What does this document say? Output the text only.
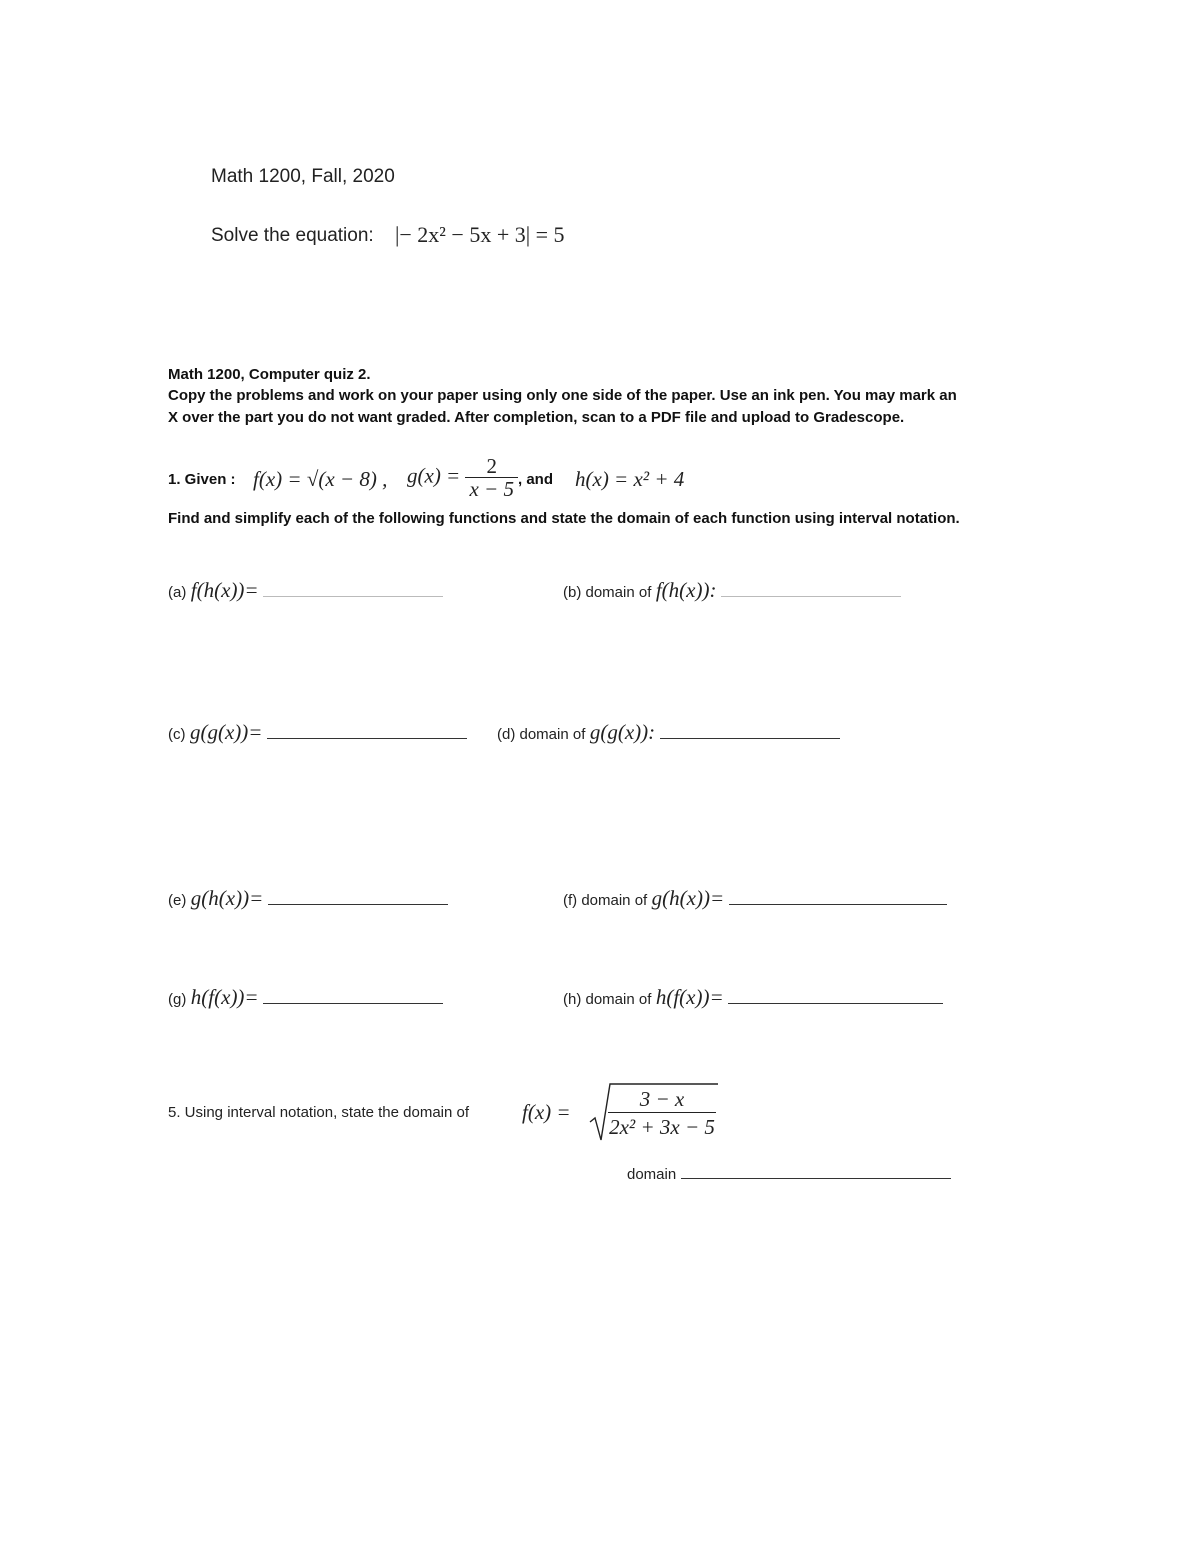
Math 1200, Fall, 2020
Solve the equation: |− 2x² − 5x + 3| = 5
Math 1200, Computer quiz 2.
Copy the problems and work on your paper using only one side of the paper. Use an ink pen. You may mark an
X over the part you do not want graded. After completion, scan to a PDF file and upload to Gradescope.
1. Given : f(x) = √(x − 8) , $g(x) = \frac{2}{x - 5}$ , and h(x) = x² + 4
Find and simplify each of the following functions and state the domain of each function using interval notation.
(a) f(h(x))=	(b) domain of f(h(x)):
(c) g(g(x))=	(d) domain of g(g(x)):
(e) g(h(x))=	(f) domain of g(h(x))=
(g) h(f(x))=	(h) domain of h(f(x))=
5. Using interval notation, state the domain of	$f(x) = \frac{3 - x}{\text{2x² + 3x − 5}}$
domain
